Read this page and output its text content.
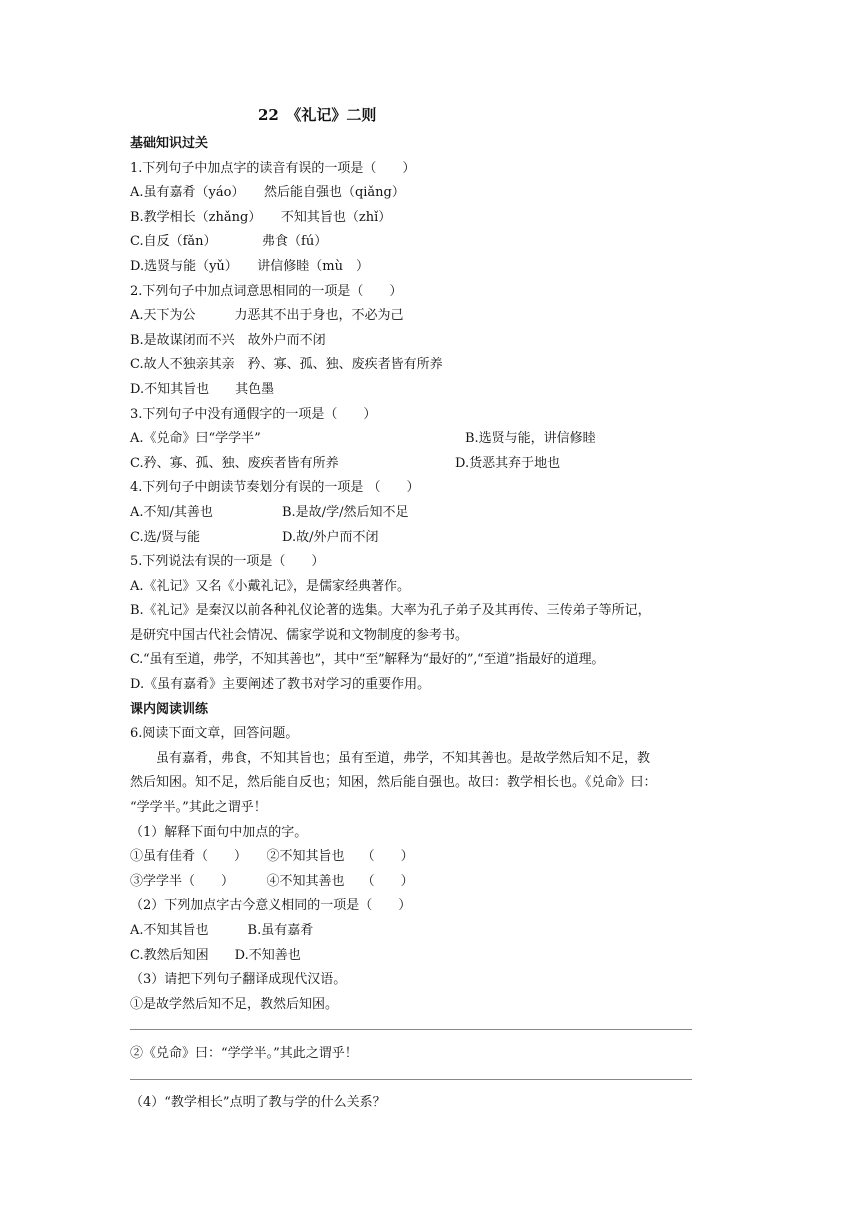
22　《礼记》二则
基础知识过关
1.下列句子中加点字的读音有误的一项是（　　）
A.虽有嘉肴（yáo）　　然后能自强也（qiǎng）
B.教学相长（zhǎng）　　不知其旨也（zhǐ）
C.自反（fǎn）　　　　弗食（fú）
D.选贤与能（yǔ）　　讲信修睦（mù　）
2.下列句子中加点词意思相同的一项是（　　）
A.天下为公　　　力恶其不出于身也，不必为己
B.是故谋闭而不兴　故外户而不闭
C.故人不独亲其亲　矜、寡、孤、独、废疾者皆有所养
D.不知其旨也　　其色墨
3.下列句子中没有通假字的一项是（　　）
A.《兑命》曰“学学半”	B.选贤与能，讲信修睦
C.矜、寡、孤、独、废疾者皆有所养	D.货恶其弃于地也
4.下列句子中朗读节奏划分有误的一项是 （　　）
A.不知/其善也	B.是故/学/然后知不足
C.选/贤与能	D.故/外户而不闭
5.下列说法有误的一项是（　　）
A.《礼记》又名《小戴礼记》，是儒家经典著作。
B.《礼记》是秦汉以前各种礼仪论著的选集。大率为孔子弟子及其再传、三传弟子等所记，
是研究中国古代社会情况、儒家学说和文物制度的参考书。
C.“虽有至道，弗学，不知其善也”，其中“至”解释为“最好的”,“至道”指最好的道理。
D.《虽有嘉肴》主要阐述了教书对学习的重要作用。
课内阅读训练
6.阅读下面文章，回答问题。
虽有嘉肴，弗食，不知其旨也；虽有至道，弗学，不知其善也。是故学然后知不足，教
然后知困。知不足，然后能自反也；知困，然后能自强也。故曰：教学相长也。《兑命》曰：
“学学半。”其此之谓乎！
（1）解释下面句中加点的字。
①虽有佳肴（　　）　　②不知其旨也　 （　　）
③学学半（　　）　　　④不知其善也　 （　　）
（2）下列加点字古今意义相同的一项是（　　）
A.不知其旨也　　　B.虽有嘉肴
C.教然后知困　　D.不知善也
（3）请把下列句子翻译成现代汉语。
①是故学然后知不足，教然后知困。
②《兑命》曰：“学学半。”其此之谓乎！
（4）“教学相长”点明了教与学的什么关系？
